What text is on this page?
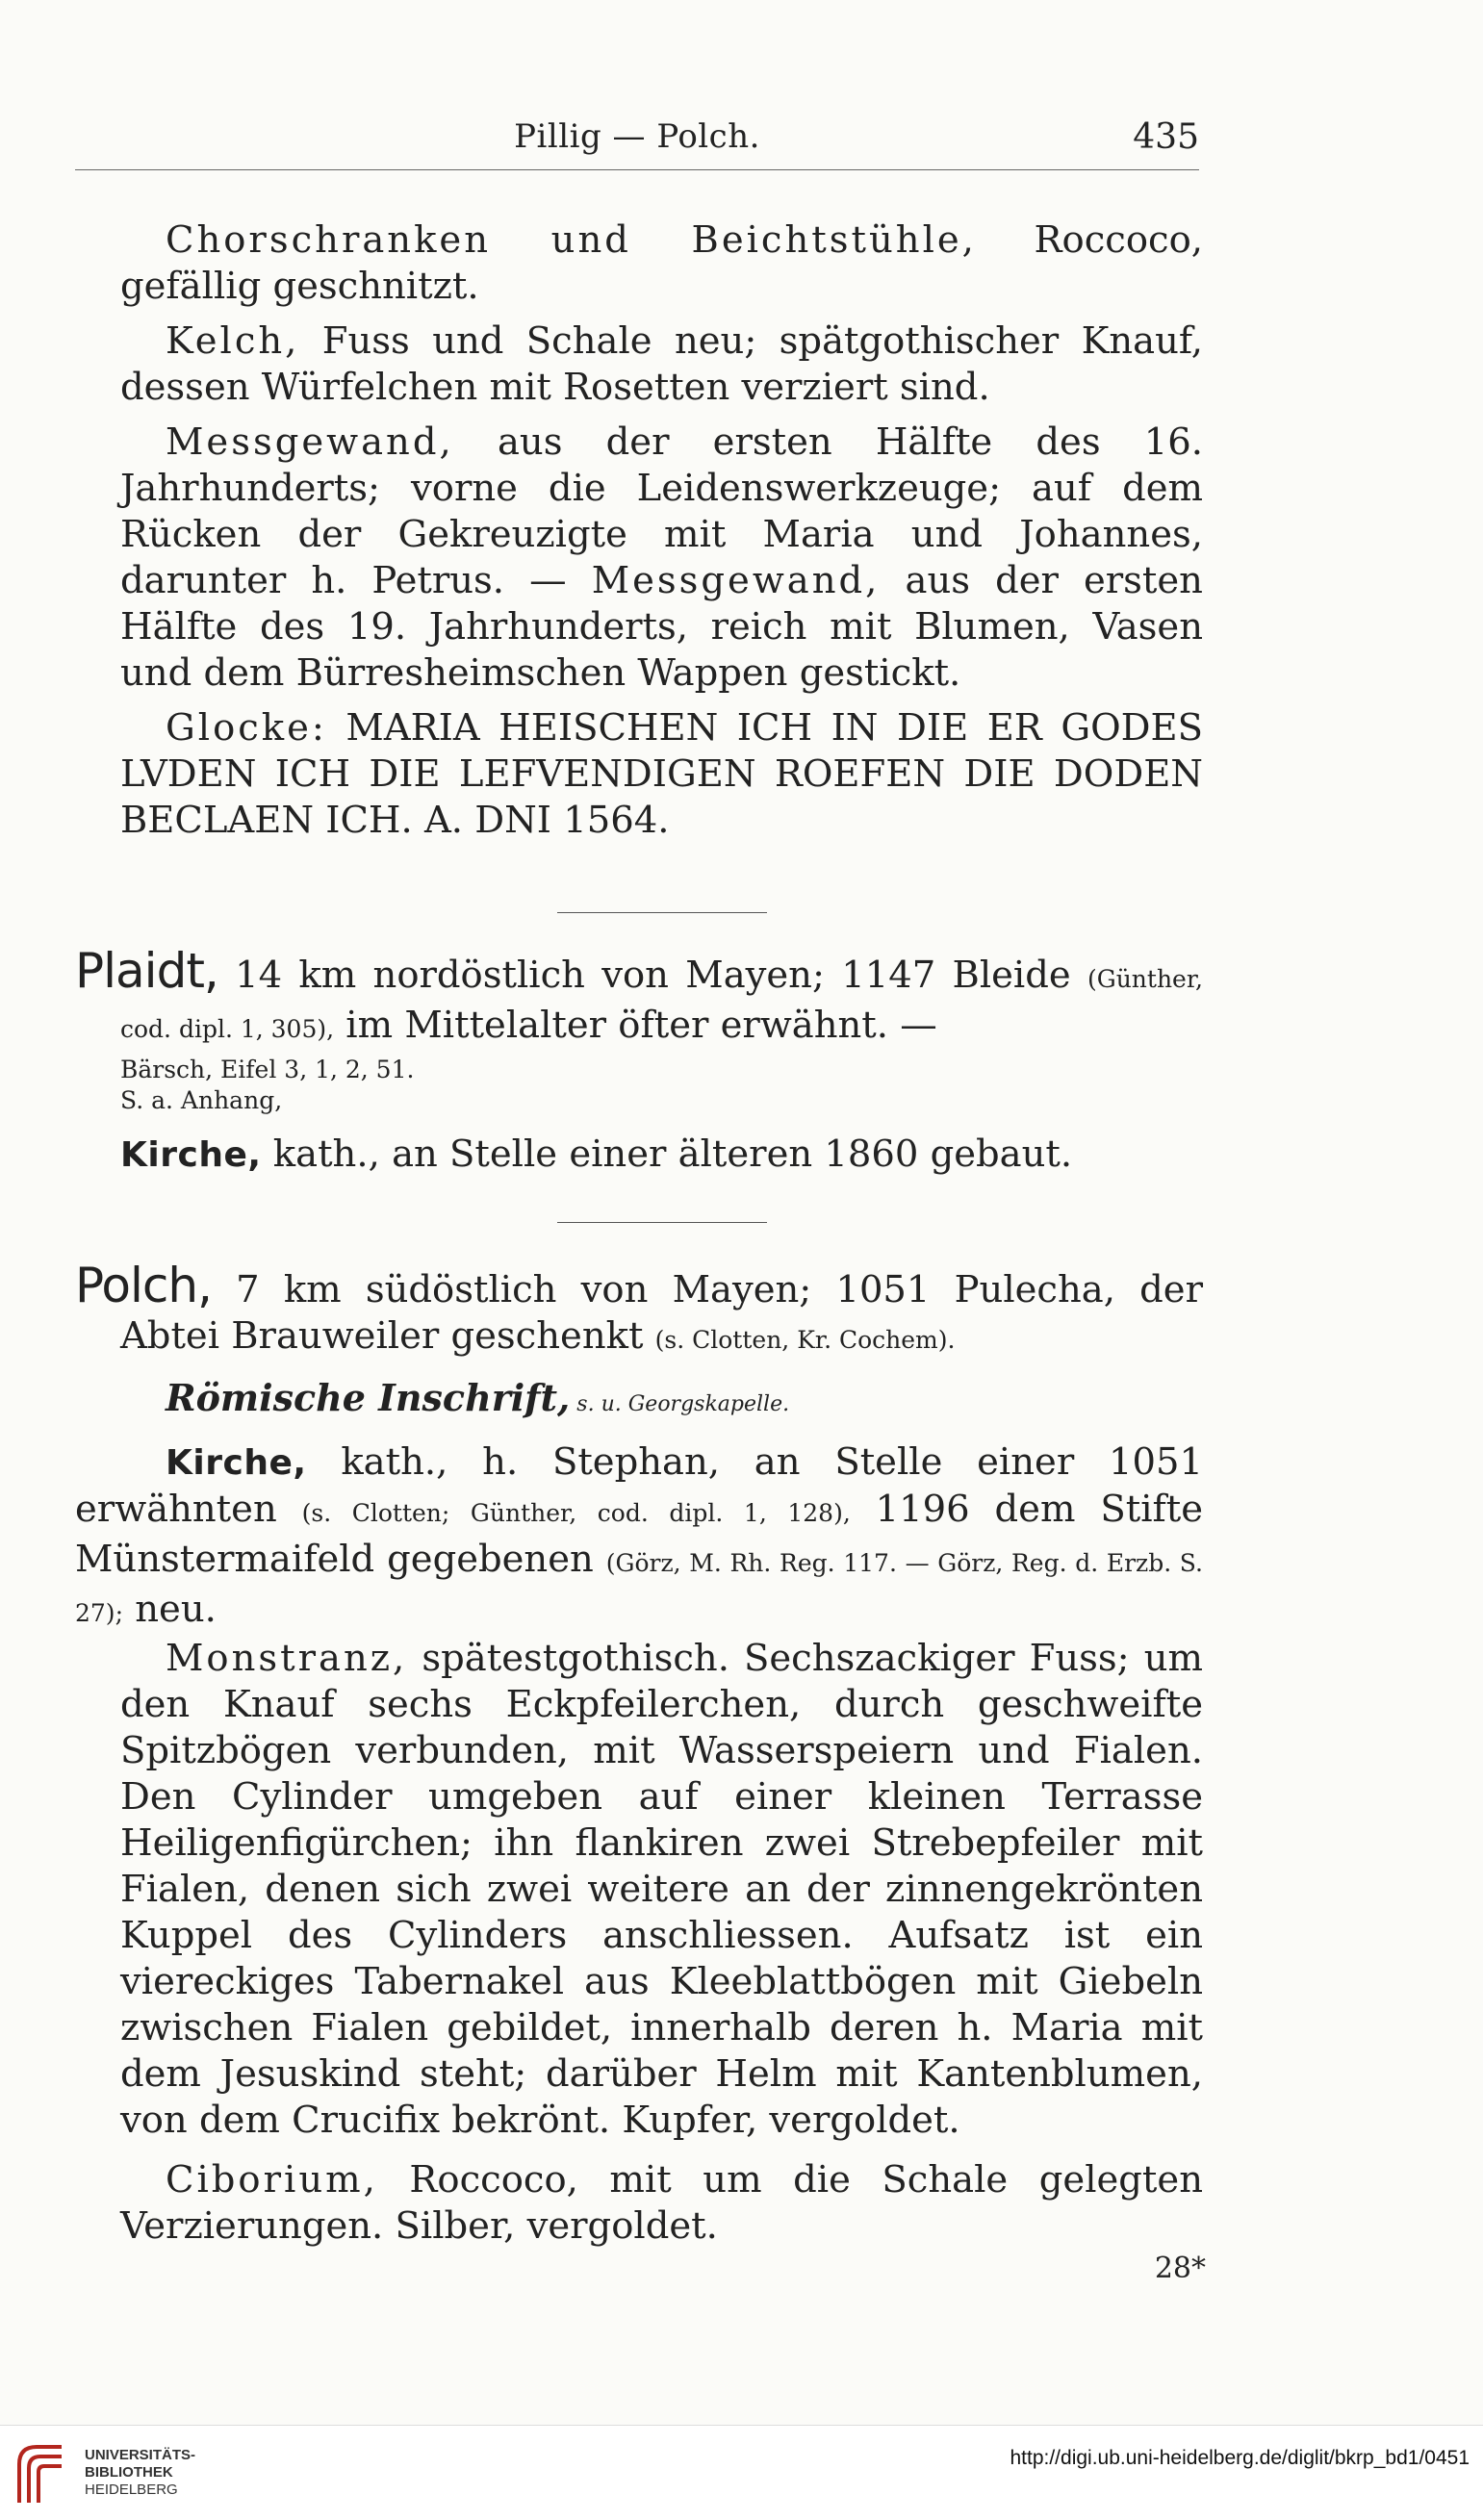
Pillig — Polch.	435

Chorschranken und Beichtstühle, Roccoco, gefällig geschnitzt.

Kelch, Fuss und Schale neu; spätgothischer Knauf, dessen Würfelchen mit Rosetten verziert sind.

Messgewand, aus der ersten Hälfte des 16. Jahrhunderts; vorne die Leidenswerkzeuge; auf dem Rücken der Gekreuzigte mit Maria und Johannes, darunter h. Petrus. — Messgewand, aus der ersten Hälfte des 19. Jahrhunderts, reich mit Blumen, Vasen und dem Bürresheimschen Wappen gestickt.

Glocke: MARIA HEISCHEN ICH IN DIE ER GODES LVDEN ICH DIE LEFVENDIGEN ROEFEN DIE DODEN BECLAEN ICH. A. DNI 1564.

Plaidt, 14 km nordöstlich von Mayen; 1147 Bleide (Günther, cod. dipl. 1, 305), im Mittelalter öfter erwähnt. —

Bärsch, Eifel 3, 1, 2, 51.
S. a. Anhang,

Kirche, kath., an Stelle einer älteren 1860 gebaut.

Polch, 7 km südöstlich von Mayen; 1051 Pulecha, der Abtei Brauweiler geschenkt (s. Clotten, Kr. Cochem).

Römische Inschrift, s. u. Georgskapelle.

Kirche, kath., h. Stephan, an Stelle einer 1051 erwähnten (s. Clotten; Günther, cod. dipl. 1, 128), 1196 dem Stifte Münstermaifeld gegebenen (Görz, M. Rh. Reg. 117. — Görz, Reg. d. Erzb. S. 27); neu.

Monstranz, spätestgothisch. Sechszackiger Fuss; um den Knauf sechs Eckpfeilerchen, durch geschweifte Spitzbögen verbunden, mit Wasserspeiern und Fialen. Den Cylinder umgeben auf einer kleinen Terrasse Heiligenfigürchen; ihn flankiren zwei Strebepfeiler mit Fialen, denen sich zwei weitere an der zinnengekrönten Kuppel des Cylinders anschliessen. Aufsatz ist ein viereckiges Tabernakel aus Kleeblattbögen mit Giebeln zwischen Fialen gebildet, innerhalb deren h. Maria mit dem Jesuskind steht; darüber Helm mit Kantenblumen, von dem Crucifix bekrönt. Kupfer, vergoldet.

Ciborium, Roccoco, mit um die Schale gelegten Verzierungen. Silber, vergoldet.

28*
UNIVERSITÄTS-
BIBLIOTHEK
HEIDELBERG
http://digi.ub.uni-heidelberg.de/diglit/bkrp_bd1/0451
